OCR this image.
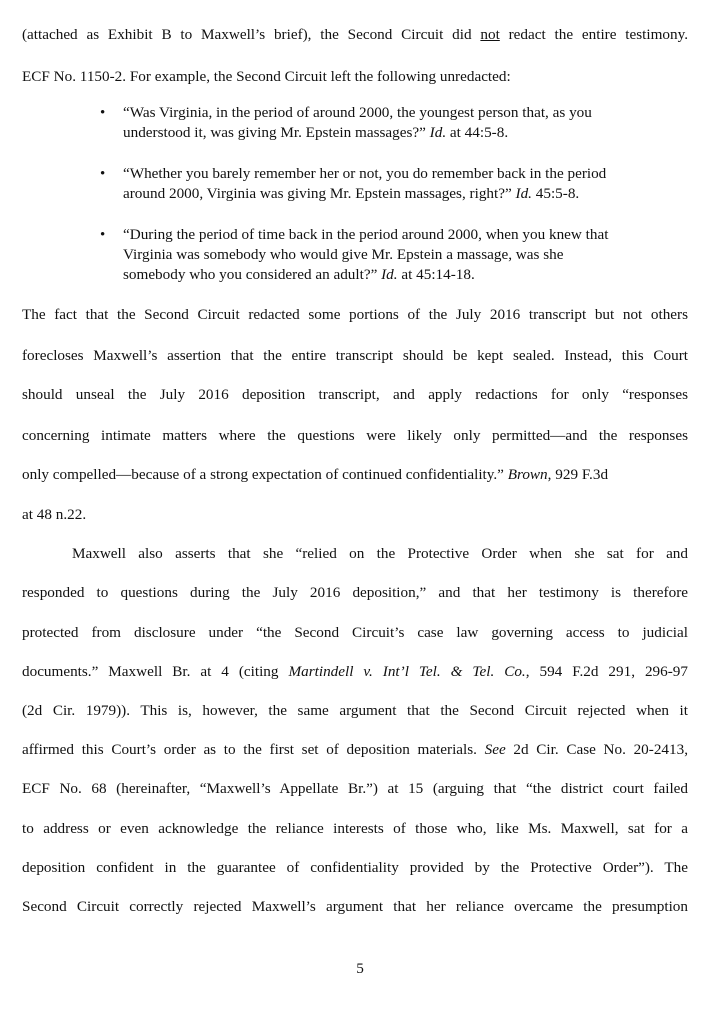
(attached as Exhibit B to Maxwell’s brief), the Second Circuit did not redact the entire testimony.
ECF No. 1150-2. For example, the Second Circuit left the following unredacted:
• “Was Virginia, in the period of around 2000, the youngest person that, as you
understood it, was giving Mr. Epstein massages?” Id. at 44:5-8.
• “Whether you barely remember her or not, you do remember back in the period
around 2000, Virginia was giving Mr. Epstein massages, right?” Id. 45:5-8.
• “During the period of time back in the period around 2000, when you knew that
Virginia was somebody who would give Mr. Epstein a massage, was she
somebody who you considered an adult?” Id. at 45:14-18.
The fact that the Second Circuit redacted some portions of the July 2016 transcript but not others
forecloses Maxwell’s assertion that the entire transcript should be kept sealed. Instead, this Court
should unseal the July 2016 deposition transcript, and apply redactions for only “responses
concerning intimate matters where the questions were likely only permitted—and the responses
only compelled—because of a strong expectation of continued confidentiality.” Brown, 929 F.3d
at 48 n.22.
Maxwell also asserts that she “relied on the Protective Order when she sat for and
responded to questions during the July 2016 deposition,” and that her testimony is therefore
protected from disclosure under “the Second Circuit’s case law governing access to judicial
documents.” Maxwell Br. at 4 (citing Martindell v. Int’l Tel. & Tel. Co., 594 F.2d 291, 296-97
(2d Cir. 1979)). This is, however, the same argument that the Second Circuit rejected when it
affirmed this Court’s order as to the first set of deposition materials. See 2d Cir. Case No. 20-2413,
ECF No. 68 (hereinafter, “Maxwell’s Appellate Br.”) at 15 (arguing that “the district court failed
to address or even acknowledge the reliance interests of those who, like Ms. Maxwell, sat for a
deposition confident in the guarantee of confidentiality provided by the Protective Order”). The
Second Circuit correctly rejected Maxwell’s argument that her reliance overcame the presumption
5
